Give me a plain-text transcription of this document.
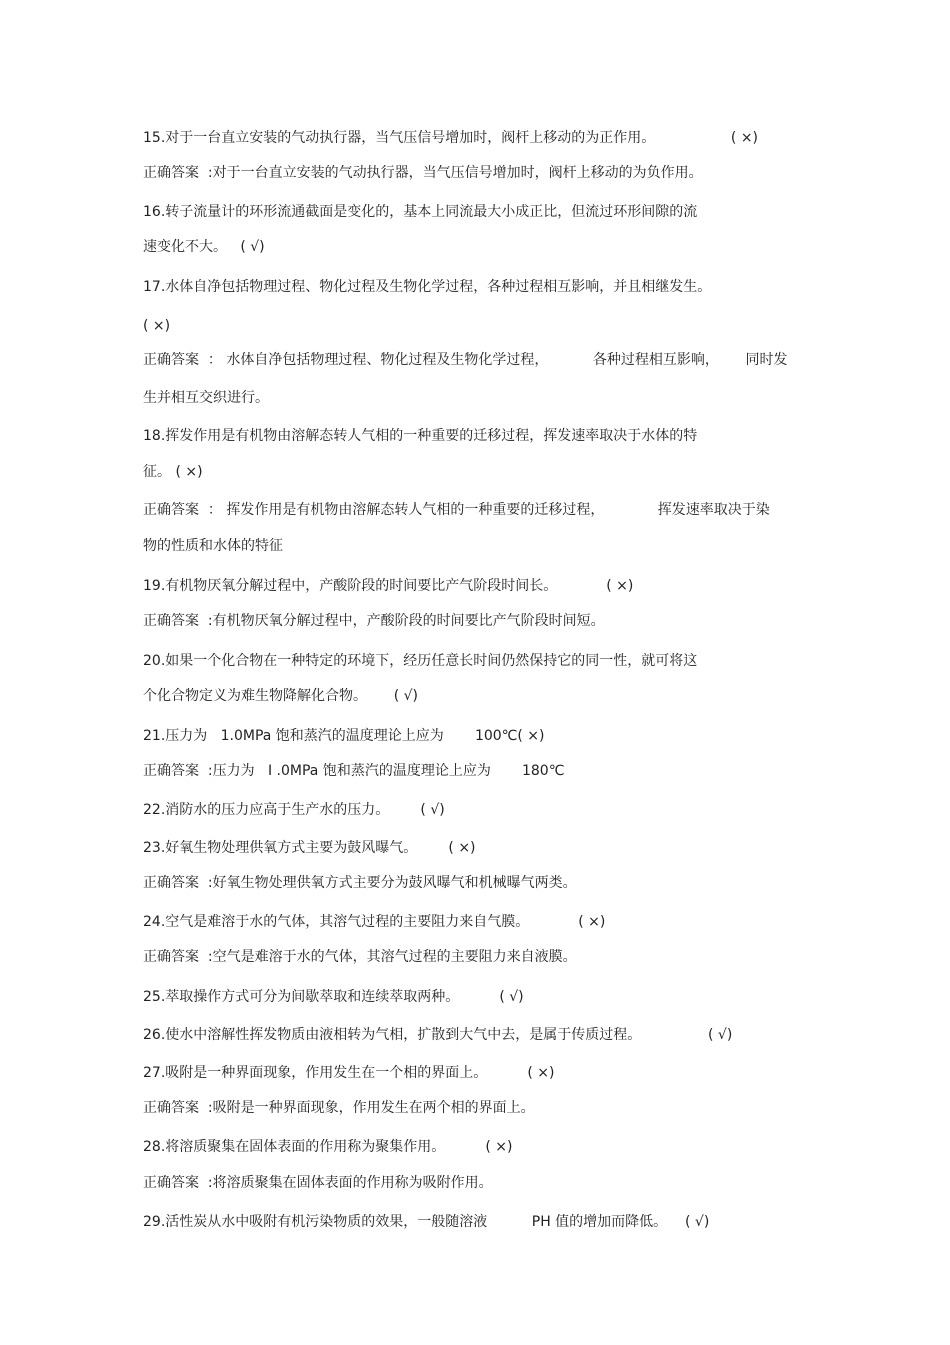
15.对于一台直立安装的气动执行器，当气压信号增加时，阀杆上移动的为正作用。                 ( ×)
正确答案  :对于一台直立安装的气动执行器，当气压信号增加时，阀杆上移动的为负作用。
16.转子流量计的环形流通截面是变化的，基本上同流最大小成正比，但流过环形间隙的流
速变化不大。   ( √)
17.水体自净包括物理过程、物化过程及生物化学过程，各种过程相互影响，并且相继发生。
( ×)
正确答案  ： 水体自净包括物理过程、物化过程及生物化学过程，          各种过程相互影响，      同时发
生并相互交织进行。
18.挥发作用是有机物由溶解态转人气相的一种重要的迁移过程，挥发速率取决于水体的特
征。 ( ×)
正确答案  ： 挥发作用是有机物由溶解态转人气相的一种重要的迁移过程，            挥发速率取决于染
物的性质和水体的特征
19.有机物厌氧分解过程中，产酸阶段的时间要比产气阶段时间长。           ( ×)
正确答案  :有机物厌氧分解过程中，产酸阶段的时间要比产气阶段时间短。
20.如果一个化合物在一种特定的环境下，经历任意长时间仍然保持它的同一性，就可将这
个化合物定义为难生物降解化合物。      ( √)
21.压力为   1.0MPa 饱和蒸汽的温度理论上应为       100℃( ×)
正确答案  :压力为   I .0MPa 饱和蒸汽的温度理论上应为       180℃
22.消防水的压力应高于生产水的压力。       ( √)
23.好氧生物处理供氧方式主要为鼓风曝气。       ( ×)
正确答案  :好氧生物处理供氧方式主要分为鼓风曝气和机械曝气两类。
24.空气是难溶于水的气体，其溶气过程的主要阻力来自气膜。           ( ×)
正确答案  :空气是难溶于水的气体，其溶气过程的主要阻力来自液膜。
25.萃取操作方式可分为间歇萃取和连续萃取两种。         ( √)
26.使水中溶解性挥发物质由液相转为气相，扩散到大气中去，是属于传质过程。               ( √)
27.吸附是一种界面现象，作用发生在一个相的界面上。         ( ×)
正确答案  :吸附是一种界面现象，作用发生在两个相的界面上。
28.将溶质聚集在固体表面的作用称为聚集作用。         ( ×)
正确答案  :将溶质聚集在固体表面的作用称为吸附作用。
29.活性炭从水中吸附有机污染物质的效果，一般随溶液          PH 值的增加而降低。    ( √)
